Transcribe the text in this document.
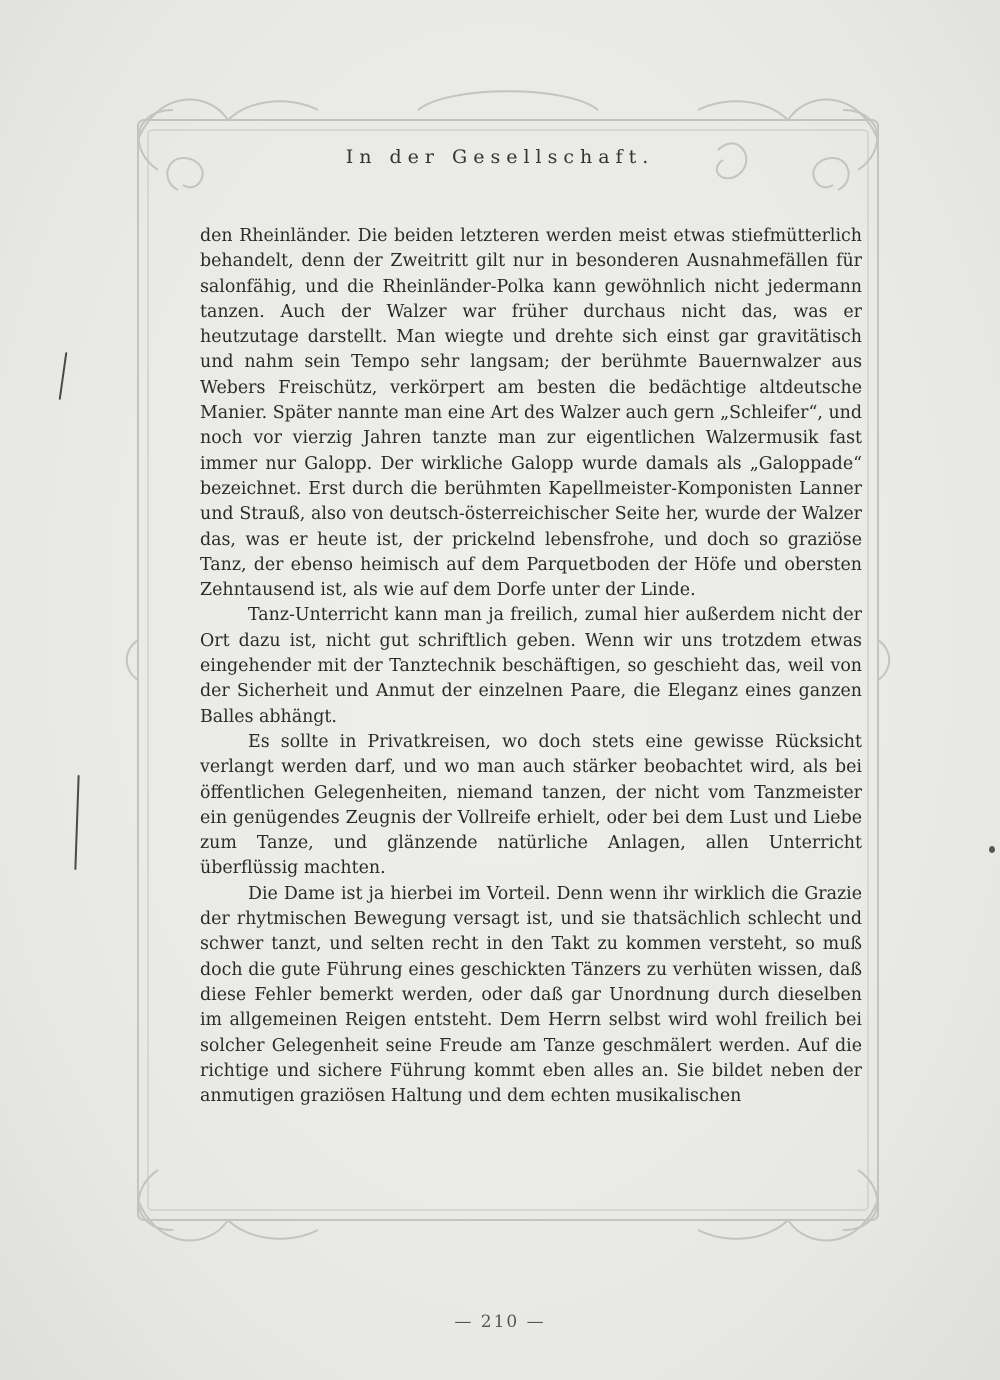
In der Gesellschaft.

den Rheinländer. Die beiden letzteren werden meist etwas stiefmütterlich behandelt, denn der Zweitritt gilt nur in besonderen Ausnahmefällen für salonfähig, und die Rheinländer-Polka kann gewöhnlich nicht jedermann tanzen. Auch der Walzer war früher durchaus nicht das, was er heutzutage darstellt. Man wiegte und drehte sich einst gar gravitätisch und nahm sein Tempo sehr langsam; der berühmte Bauernwalzer aus Webers Freischütz, verkörpert am besten die bedächtige altdeutsche Manier. Später nannte man eine Art des Walzer auch gern „Schleifer“, und noch vor vierzig Jahren tanzte man zur eigentlichen Walzermusik fast immer nur Galopp. Der wirkliche Galopp wurde damals als „Galoppade“ bezeichnet. Erst durch die berühmten Kapellmeister-Komponisten Lanner und Strauß, also von deutsch-österreichischer Seite her, wurde der Walzer das, was er heute ist, der prickelnd lebensfrohe, und doch so graziöse Tanz, der ebenso heimisch auf dem Parquetboden der Höfe und obersten Zehntausend ist, als wie auf dem Dorfe unter der Linde.

Tanz-Unterricht kann man ja freilich, zumal hier außerdem nicht der Ort dazu ist, nicht gut schriftlich geben. Wenn wir uns trotzdem etwas eingehender mit der Tanztechnik beschäftigen, so geschieht das, weil von der Sicherheit und Anmut der einzelnen Paare, die Eleganz eines ganzen Balles abhängt.

Es sollte in Privatkreisen, wo doch stets eine gewisse Rücksicht verlangt werden darf, und wo man auch stärker beobachtet wird, als bei öffentlichen Gelegenheiten, niemand tanzen, der nicht vom Tanzmeister ein genügendes Zeugnis der Vollreife erhielt, oder bei dem Lust und Liebe zum Tanze, und glänzende natürliche Anlagen, allen Unterricht überflüssig machten.

Die Dame ist ja hierbei im Vorteil. Denn wenn ihr wirklich die Grazie der rhytmischen Bewegung versagt ist, und sie thatsächlich schlecht und schwer tanzt, und selten recht in den Takt zu kommen versteht, so muß doch die gute Führung eines geschickten Tänzers zu verhüten wissen, daß diese Fehler bemerkt werden, oder daß gar Unordnung durch dieselben im allgemeinen Reigen entsteht. Dem Herrn selbst wird wohl freilich bei solcher Gelegenheit seine Freude am Tanze geschmälert werden. Auf die richtige und sichere Führung kommt eben alles an. Sie bildet neben der anmutigen graziösen Haltung und dem echten musikalischen

— 210 —
